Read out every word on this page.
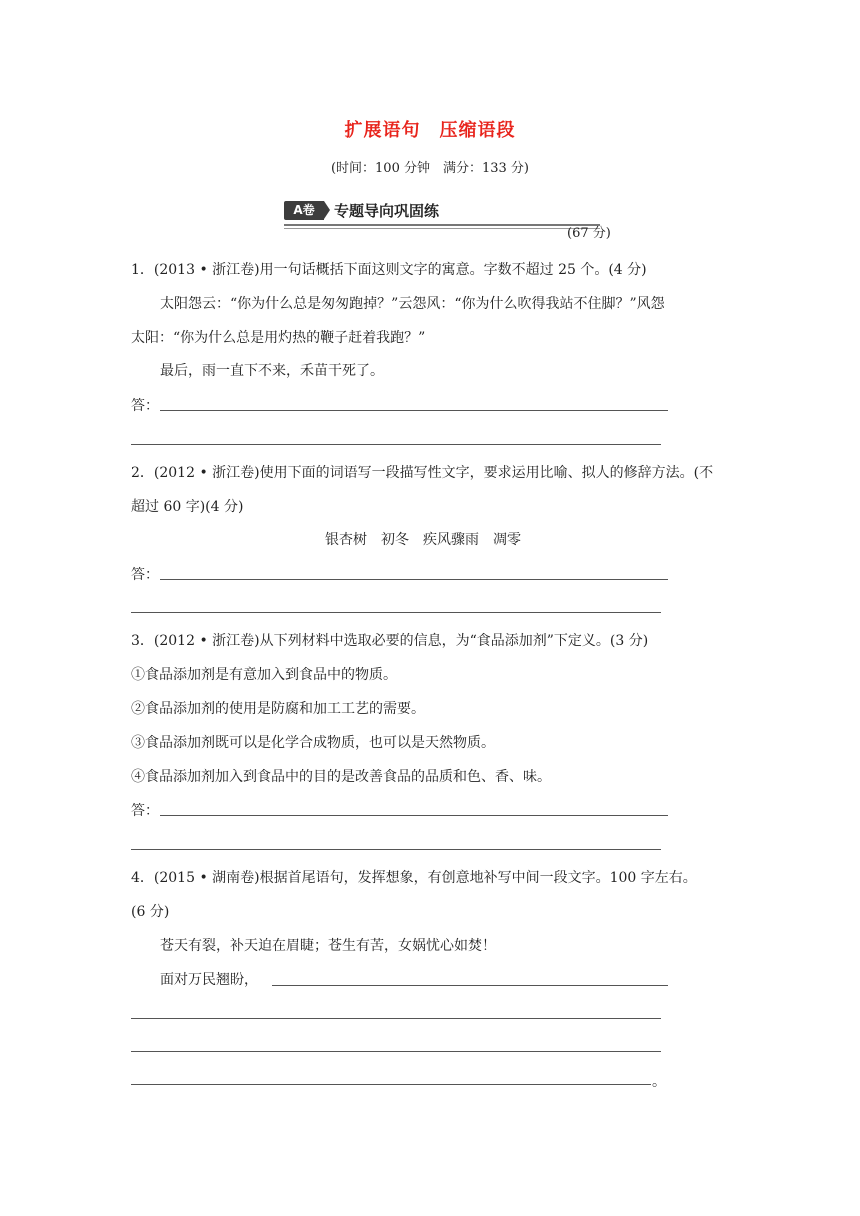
扩展语句　压缩语段
(时间：100 分钟　满分：133 分)
A卷	专题导向巩固练
(67 分)
1．(2013 • 浙江卷)用一句话概括下面这则文字的寓意。字数不超过 25 个。(4 分)
太阳怨云：“你为什么总是匆匆跑掉？”云怨风：“你为什么吹得我站不住脚？”风怨
太阳：“你为什么总是用灼热的鞭子赶着我跑？”
最后，雨一直下不来，禾苗干死了。
答：
2．(2012 • 浙江卷)使用下面的词语写一段描写性文字，要求运用比喻、拟人的修辞方法。(不
超过 60 字)(4 分)
银杏树　初冬　疾风骤雨　凋零
答：
3．(2012 • 浙江卷)从下列材料中选取必要的信息，为“食品添加剂”下定义。(3 分)
①食品添加剂是有意加入到食品中的物质。
②食品添加剂的使用是防腐和加工工艺的需要。
③食品添加剂既可以是化学合成物质，也可以是天然物质。
④食品添加剂加入到食品中的目的是改善食品的品质和色、香、味。
答：
4．(2015 • 湖南卷)根据首尾语句，发挥想象，有创意地补写中间一段文字。100 字左右。
(6 分)
苍天有裂，补天迫在眉睫；苍生有苦，女娲忧心如焚！
面对万民翘盼，
。
